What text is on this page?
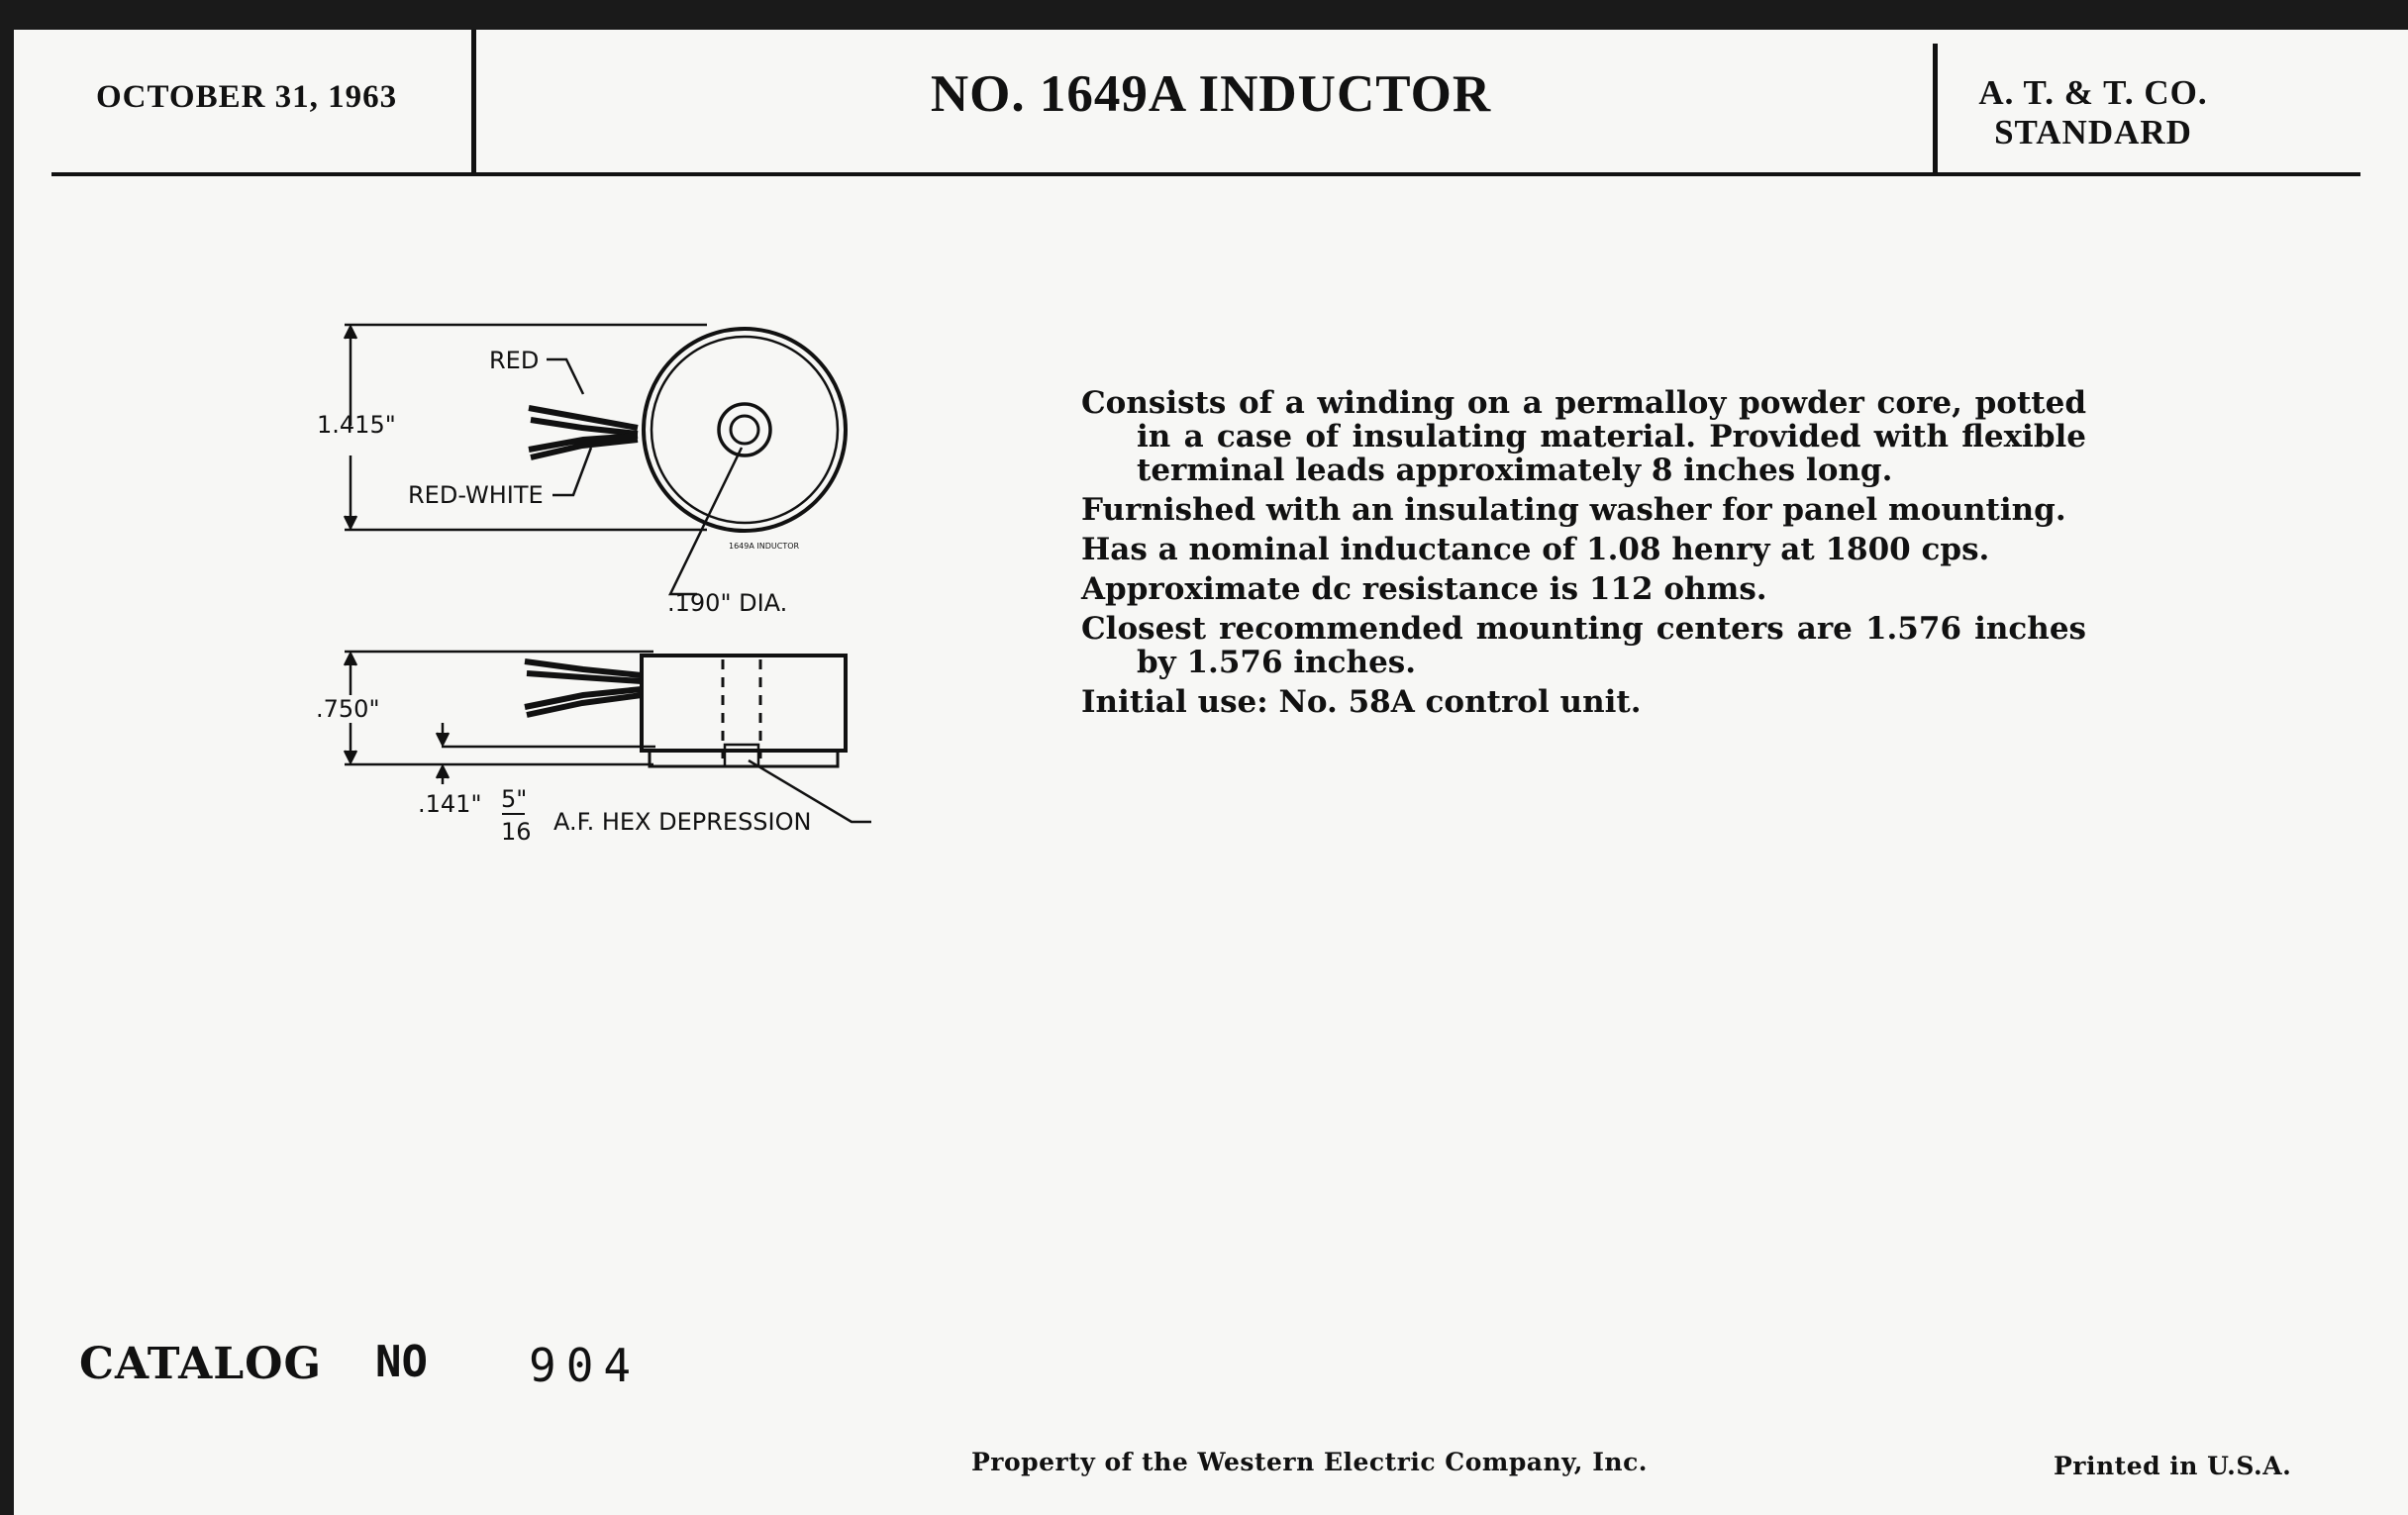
OCTOBER 31, 1963	NO. 1649A INDUCTOR	A. T. & T. CO.
STANDARD
RED
RED-WHITE
1.415"
.190" DIA.
1649A INDUCTOR
.750"
.141" 5"
16 A.F. HEX DEPRESSION

Consists of a winding on a permalloy powder core, potted in a case of insulating material. Provided with flexible terminal leads approximately 8 inches long.

Furnished with an insulating washer for panel mounting.

Has a nominal inductance of 1.08 henry at 1800 cps.

Approximate dc resistance is 112 ohms.

Closest recommended mounting centers are 1.576 inches by 1.576 inches.

Initial use: No. 58A control unit.

CATALOG NO 904
Property of the Western Electric Company, Inc.	Printed in U.S.A.
